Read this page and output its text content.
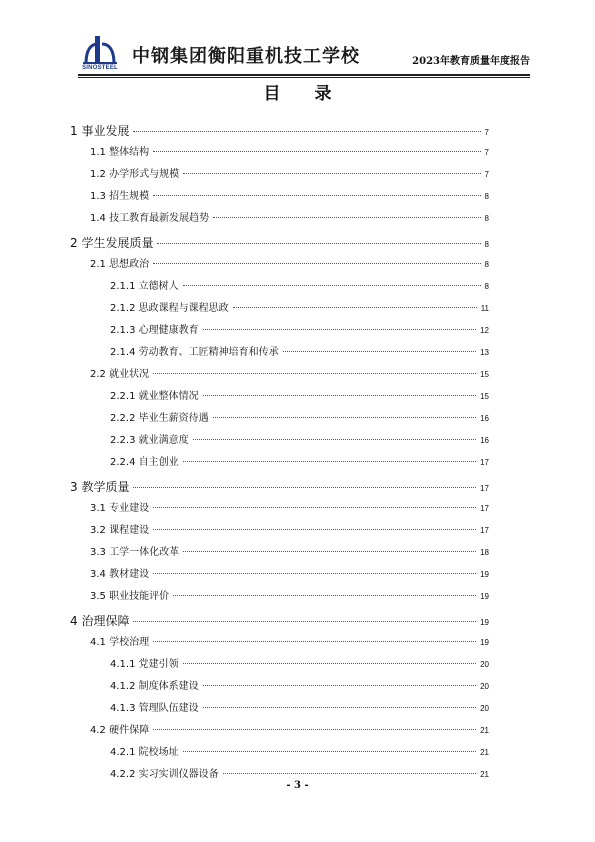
SINOSTEEL
中钢集团衡阳重机技工学校	2023年教育质量年度报告
目 录
1 事业发展	7
1.1 整体结构	7
1.2 办学形式与规模	7
1.3 招生规模	8
1.4 技工教育最新发展趋势	8
2 学生发展质量	8
2.1 思想政治	8
2.1.1 立德树人	8
2.1.2 思政课程与课程思政	11
2.1.3 心理健康教育	12
2.1.4 劳动教育、工匠精神培育和传承	13
2.2 就业状况	15
2.2.1 就业整体情况	15
2.2.2 毕业生薪资待遇	16
2.2.3 就业满意度	16
2.2.4 自主创业	17
3 教学质量	17
3.1 专业建设	17
3.2 课程建设	17
3.3 工学一体化改革	18
3.4 教材建设	19
3.5 职业技能评价	19
4 治理保障	19
4.1 学校治理	19
4.1.1 党建引领	20
4.1.2 制度体系建设	20
4.1.3 管理队伍建设	20
4.2 硬件保障	21
4.2.1 院校场址	21
4.2.2 实习实训仪器设备	21
- 3 -
